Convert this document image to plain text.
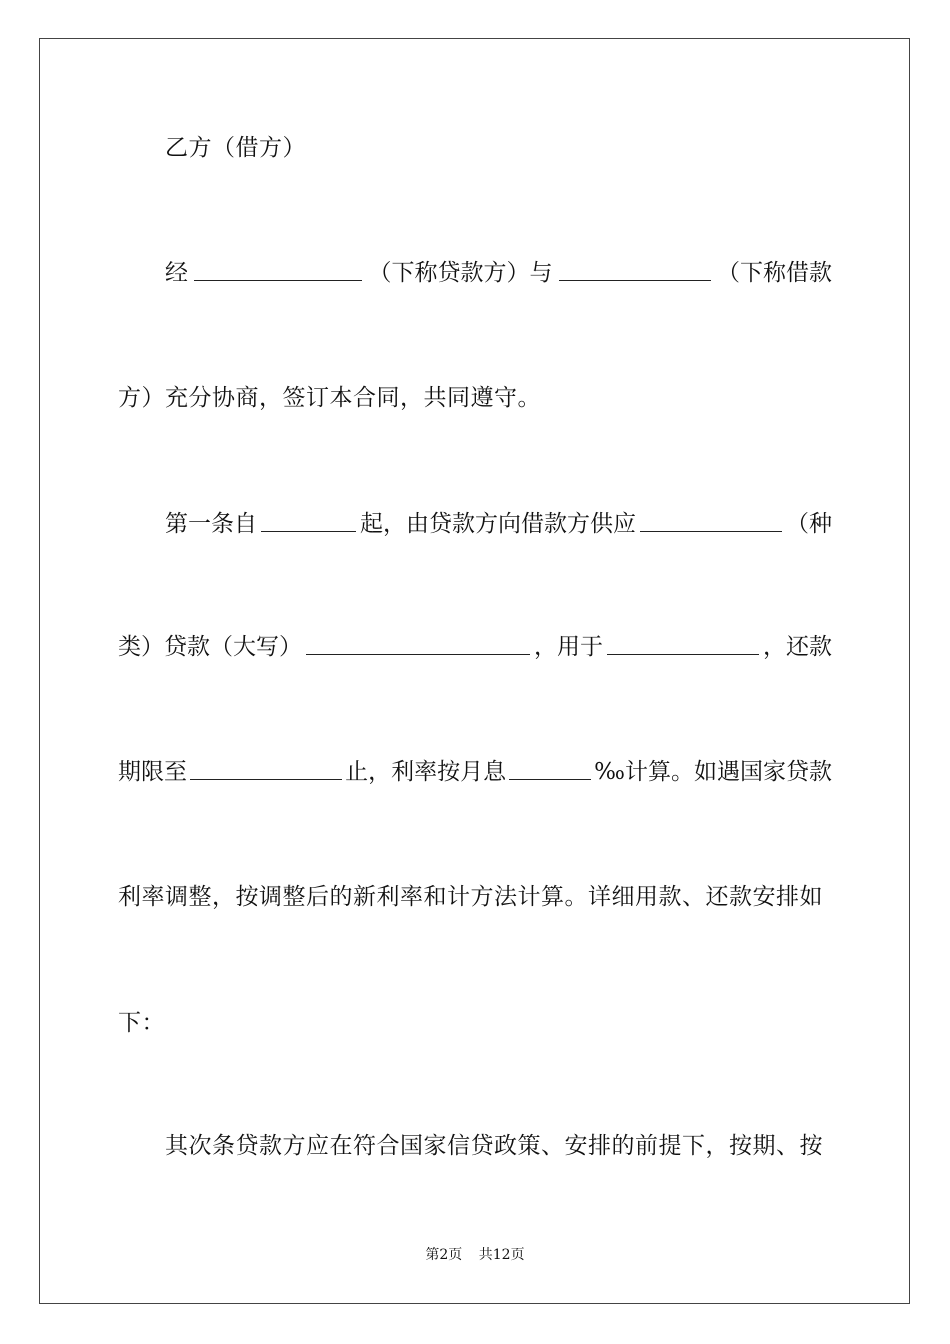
乙方（借方）
经	（下称贷款方）与	（下称借款
方）充分协商，签订本合同，共同遵守。
第一条自	起，由贷款方向借款方供应	（种
类）贷款（大写）	，用于	，还款
期限至	止，利率按月息	‰计算。如遇国家贷款
利率调整，按调整后的新利率和计方法计算。详细用款、还款安排如
下：
其次条贷款方应在符合国家信贷政策、安排的前提下，按期、按
第2页 共12页
